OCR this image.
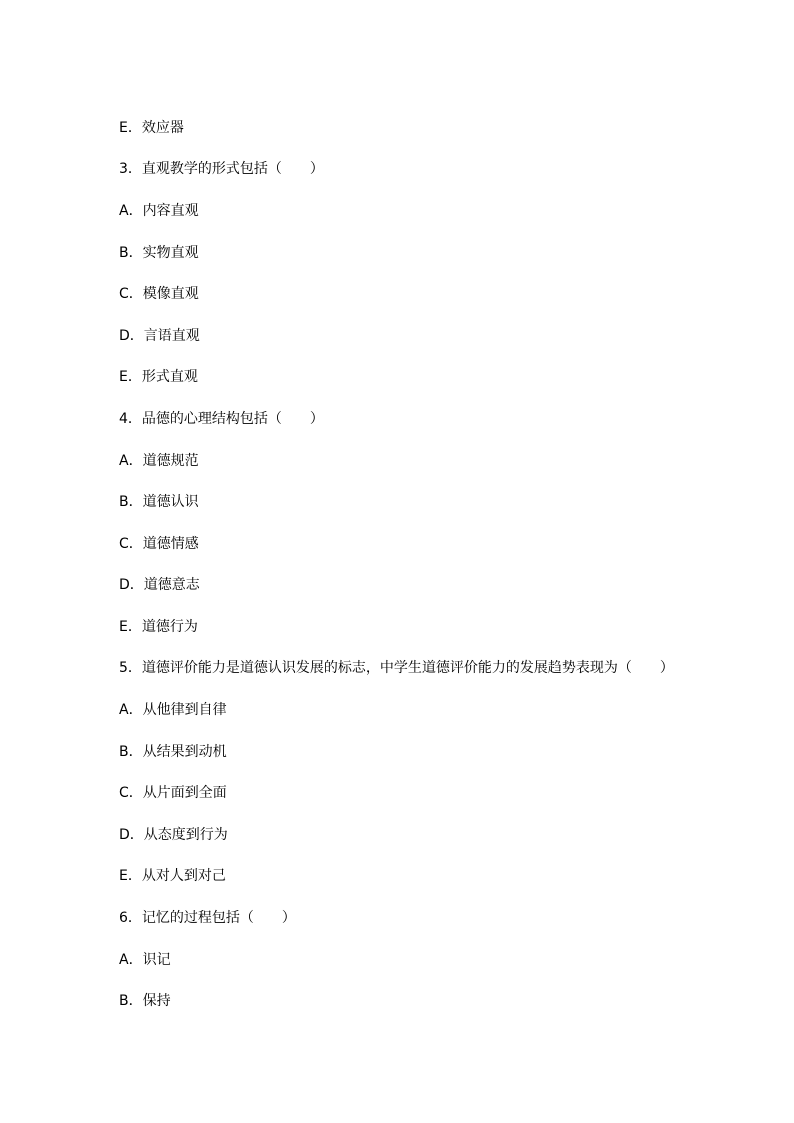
E．效应器
3．直观教学的形式包括（　　）
A．内容直观
B．实物直观
C．模像直观
D．言语直观
E．形式直观
4．品德的心理结构包括（　　）
A．道德规范
B．道德认识
C．道德情感
D．道德意志
E．道德行为
5．道德评价能力是道德认识发展的标志，中学生道德评价能力的发展趋势表现为（　　）
A．从他律到自律
B．从结果到动机
C．从片面到全面
D．从态度到行为
E．从对人到对己
6．记忆的过程包括（　　）
A．识记
B．保持
